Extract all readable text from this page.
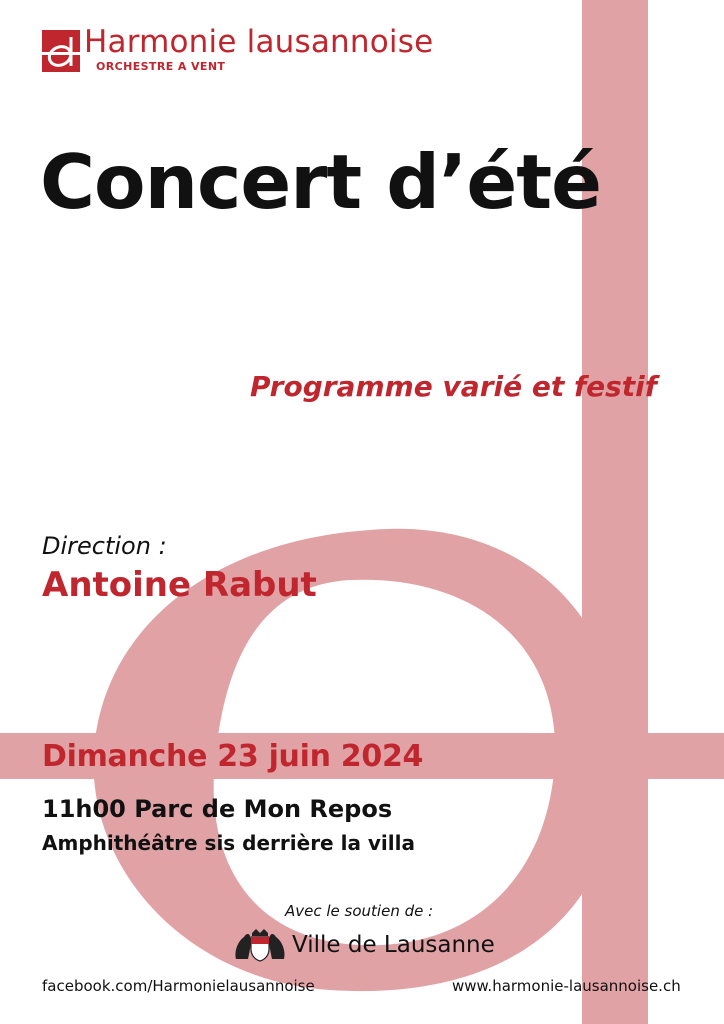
Harmonie lausannoise

ORCHESTRE A VENT

Concert d’été

Programme varié et festif

Direction :

Antoine Rabut

Dimanche 23 juin 2024

11h00 Parc de Mon Repos

Amphithéâtre sis derrière la villa

Avec le soutien de :

Ville de Lausanne

facebook.com/Harmonielausannoise	www.harmonie-lausannoise.ch
